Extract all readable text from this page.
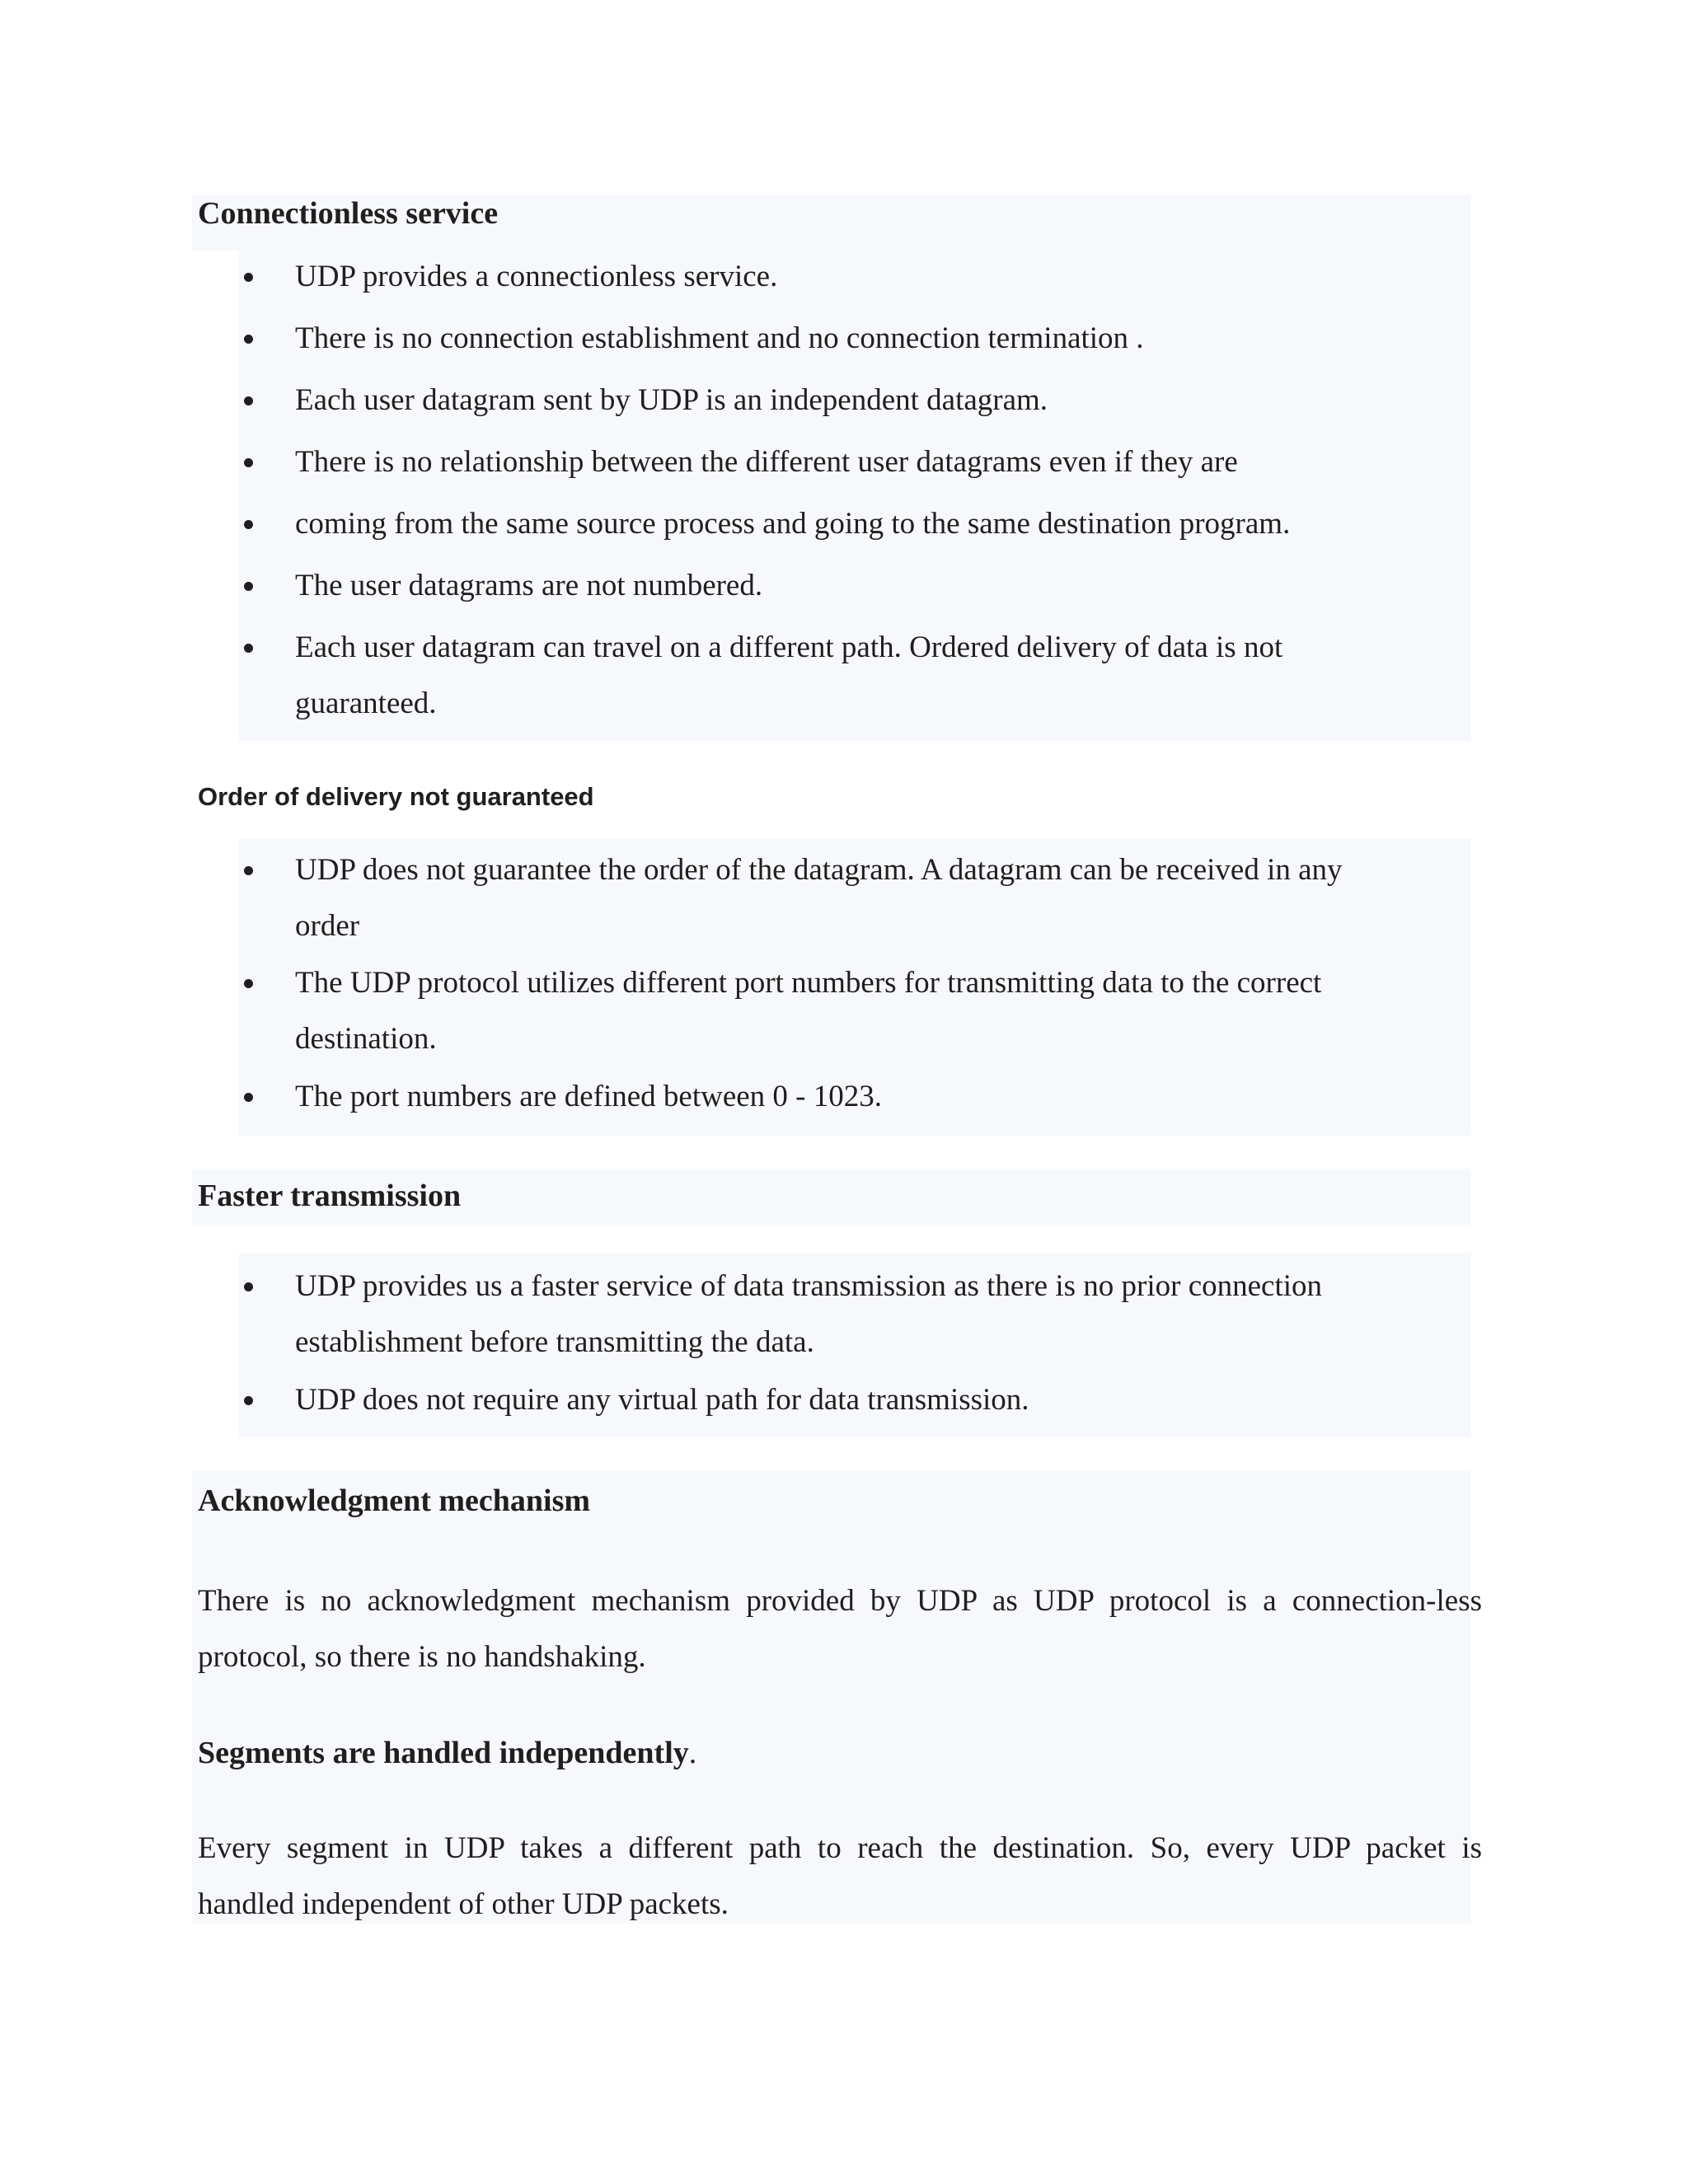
Connectionless service
UDP provides a connectionless service.
There is no connection establishment and no connection termination .
Each user datagram sent by UDP is an independent datagram.
There is no relationship between the different user datagrams even if they are
coming from the same source process and going to the same destination program.
The user datagrams are not numbered.
Each user datagram can travel on a different path. Ordered delivery of data is not
guaranteed.
Order of delivery not guaranteed
UDP does not guarantee the order of the datagram. A datagram can be received in any
order
The UDP protocol utilizes different port numbers for transmitting data to the correct
destination.
The port numbers are defined between 0 - 1023.
Faster transmission
UDP provides us a faster service of data transmission as there is no prior connection
establishment before transmitting the data.
UDP does not require any virtual path for data transmission.
Acknowledgment mechanism
There is no acknowledgment mechanism provided by UDP as UDP protocol is a connection-less
protocol, so there is no handshaking.
Segments are handled independently.
Every segment in UDP takes a different path to reach the destination. So, every UDP packet is
handled independent of other UDP packets.
